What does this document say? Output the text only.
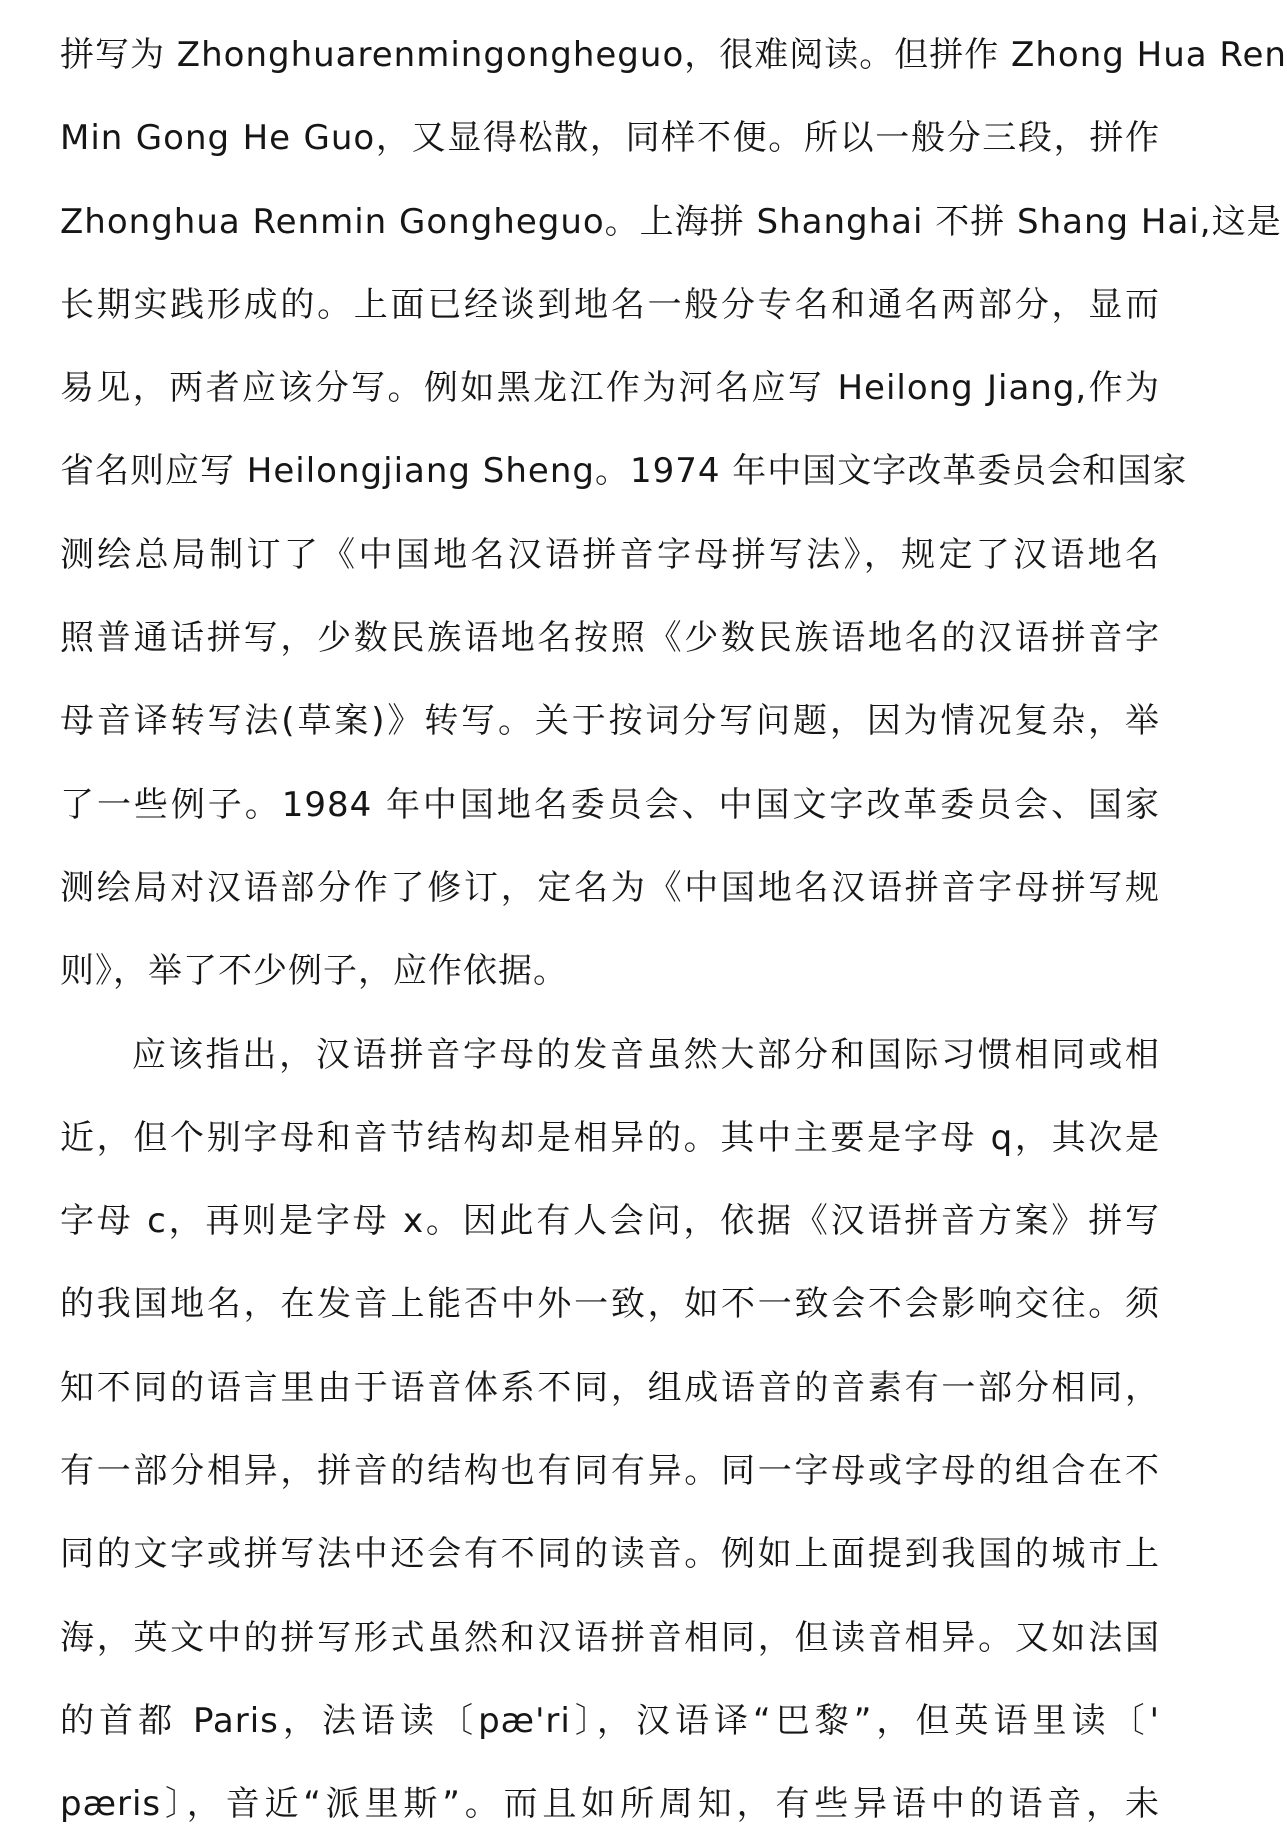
拼写为 Zhonghuarenmingongheguo，很难阅读。但拼作 Zhong Hua Ren
Min Gong He Guo，又显得松散，同样不便。所以一般分三段，拼作
Zhonghua Renmin Gongheguo。上海拼 Shanghai 不拼 Shang Hai,这是
长期实践形成的。上面已经谈到地名一般分专名和通名两部分，显而
易见，两者应该分写。例如黑龙江作为河名应写 Heilong Jiang,作为
省名则应写 Heilongjiang Sheng。1974 年中国文字改革委员会和国家
测绘总局制订了《中国地名汉语拼音字母拼写法》，规定了汉语地名
照普通话拼写，少数民族语地名按照《少数民族语地名的汉语拼音字
母音译转写法(草案)》转写。关于按词分写问题，因为情况复杂，举
了一些例子。1984 年中国地名委员会、中国文字改革委员会、国家
测绘局对汉语部分作了修订，定名为《中国地名汉语拼音字母拼写规
则》，举了不少例子，应作依据。
应该指出，汉语拼音字母的发音虽然大部分和国际习惯相同或相
近，但个别字母和音节结构却是相异的。其中主要是字母 q，其次是
字母 c，再则是字母 x。因此有人会问，依据《汉语拼音方案》拼写
的我国地名，在发音上能否中外一致，如不一致会不会影响交往。须
知不同的语言里由于语音体系不同，组成语音的音素有一部分相同，
有一部分相异，拼音的结构也有同有异。同一字母或字母的组合在不
同的文字或拼写法中还会有不同的读音。例如上面提到我国的城市上
海，英文中的拼写形式虽然和汉语拼音相同，但读音相异。又如法国
的首都 Paris，法语读〔pæ'ri〕，汉语译“巴黎”，但英语里读〔'
pæris〕，音近“派里斯”。而且如所周知，有些异语中的语音，未
